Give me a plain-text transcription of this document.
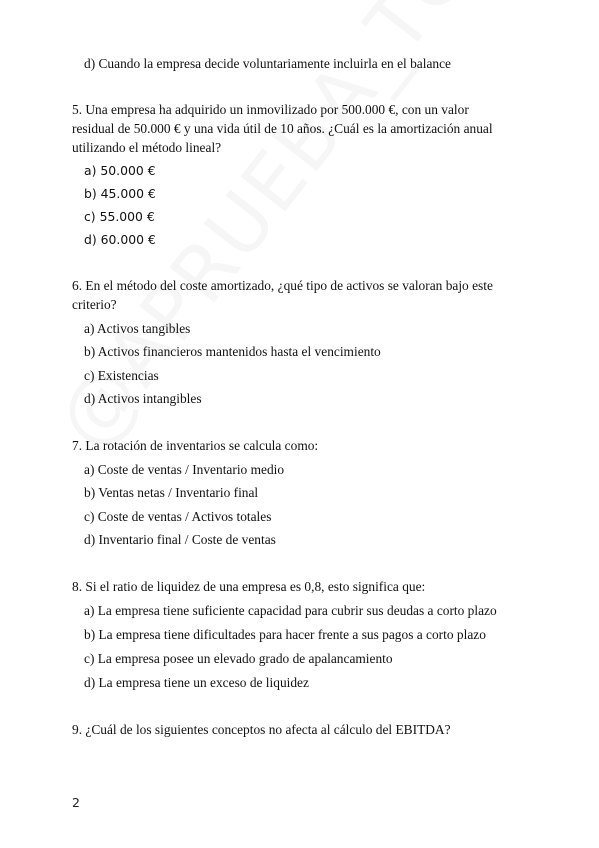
d) Cuando la empresa decide voluntariamente incluirla en el balance
5. Una empresa ha adquirido un inmovilizado por 500.000 €, con un valor
residual de 50.000 € y una vida útil de 10 años. ¿Cuál es la amortización anual
utilizando el método lineal?
a) 50.000 €
b) 45.000 €
c) 55.000 €
d) 60.000 €
6. En el método del coste amortizado, ¿qué tipo de activos se valoran bajo este
criterio?
a) Activos tangibles
b) Activos financieros mantenidos hasta el vencimiento
c) Existencias
d) Activos intangibles
7. La rotación de inventarios se calcula como:
a) Coste de ventas / Inventario medio
b) Ventas netas / Inventario final
c) Coste de ventas / Activos totales
d) Inventario final / Coste de ventas
8. Si el ratio de liquidez de una empresa es 0,8, esto significa que:
a) La empresa tiene suficiente capacidad para cubrir sus deudas a corto plazo
b) La empresa tiene dificultades para hacer frente a sus pagos a corto plazo
c) La empresa posee un elevado grado de apalancamiento
d) La empresa tiene un exceso de liquidez
9. ¿Cuál de los siguientes conceptos no afecta al cálculo del EBITDA?
2
